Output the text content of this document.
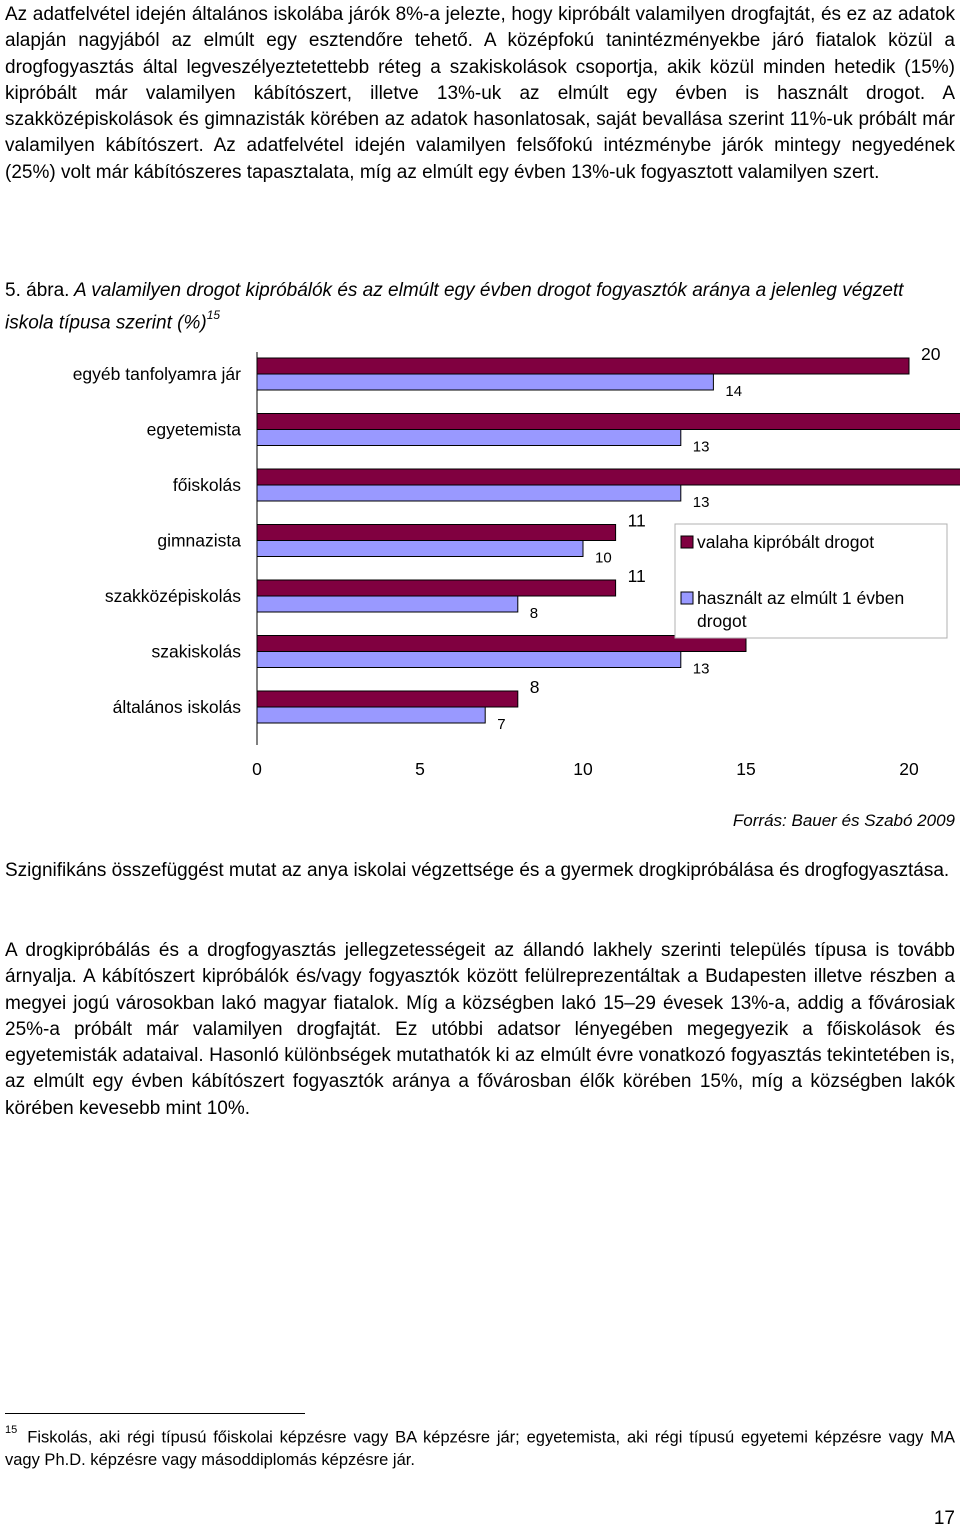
Az adatfelvétel idején általános iskolába járók 8%-a jelezte, hogy kipróbált valamilyen drogfajtát, és ez az adatok alapján nagyjából az elmúlt egy esztendőre tehető. A középfokú tanintézményekbe járó fiatalok közül a drogfogyasztás által legveszélyeztetettebb réteg a szakiskolások csoportja, akik közül minden hetedik (15%) kipróbált már valamilyen kábítószert, illetve 13%-uk az elmúlt egy évben is használt drogot. A szakközépiskolások és gimnazisták körében az adatok hasonlatosak, saját bevallása szerint 11%-uk próbált már valamilyen kábítószert. Az adatfelvétel idején valamilyen felsőfokú intézménybe járók mintegy negyedének (25%) volt már kábítószeres tapasztalata, míg az elmúlt egy évben 13%-uk fogyasztott valamilyen szert.

5. ábra. A valamilyen drogot kipróbálók és az elmúlt egy évben drogot fogyasztók aránya a jelenleg végzett iskola típusa szerint (%)$^{15}$

egyéb tanfolyamra jár
egyetemista
főiskolás
gimnazista
szakközépiskolás
szakiskolás
általános iskolás
20
14
13
13
11
10
11
8
13
8
7
0	5	10	15	20
valaha kipróbált drogot
használt az elmúlt 1 évben drogot
Forrás: Bauer és Szabó 2009

Szignifikáns összefüggést mutat az anya iskolai végzettsége és a gyermek drogkipróbálása és drogfogyasztása.

A drogkipróbálás és a drogfogyasztás jellegzetességeit az állandó lakhely szerinti település típusa is tovább árnyalja. A kábítószert kipróbálók és/vagy fogyasztók között felülreprezentáltak a Budapesten illetve részben a megyei jogú városokban lakó magyar fiatalok. Míg a községben lakó 15–29 évesek 13%-a, addig a fővárosiak 25%-a próbált már valamilyen drogfajtát. Ez utóbbi adatsor lényegében megegyezik a főiskolások és egyetemisták adataival. Hasonló különbségek mutathatók ki az elmúlt évre vonatkozó fogyasztás tekintetében is, az elmúlt egy évben kábítószert fogyasztók aránya a fővárosban élők körében 15%, míg a községben lakók körében kevesebb mint 10%.

$^{15}$ Fiskolás, aki régi típusú főiskolai képzésre vagy BA képzésre jár; egyetemista, aki régi típusú egyetemi képzésre vagy MA vagy Ph.D. képzésre vagy másoddiplomás képzésre jár.

17
